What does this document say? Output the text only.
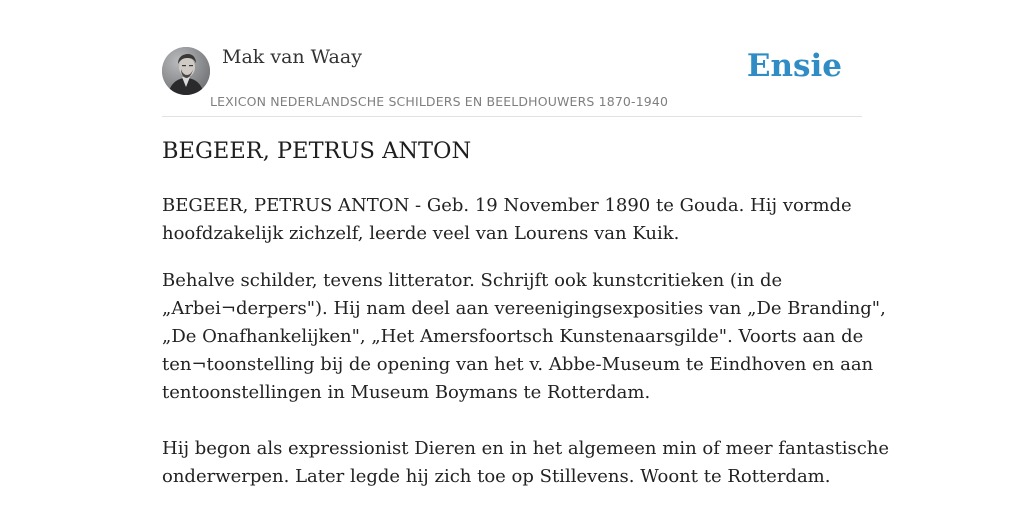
Mak van Waay
LEXICON NEDERLANDSCHE SCHILDERS EN BEELDHOUWERS 1870-1940
Ensie
BEGEER, PETRUS ANTON

BEGEER, PETRUS ANTON - Geb. 19 November 1890 te Gouda. Hij vormde
hoofdzakelijk zichzelf, leerde veel van Lourens van Kuik.

Behalve schilder, tevens litterator. Schrijft ook kunstcritieken (in de
„Arbei¬derpers"). Hij nam deel aan vereenigingsexposities van „De Branding",
„De Onafhankelijken", „Het Amersfoortsch Kunstenaarsgilde". Voorts aan de
ten¬toonstelling bij de opening van het v. Abbe-Museum te Eindhoven en aan
tentoonstellingen in Museum Boymans te Rotterdam.

Hij begon als expressionist Dieren en in het algemeen min of meer fantastische
onderwerpen. Later legde hij zich toe op Stillevens. Woont te Rotterdam.
